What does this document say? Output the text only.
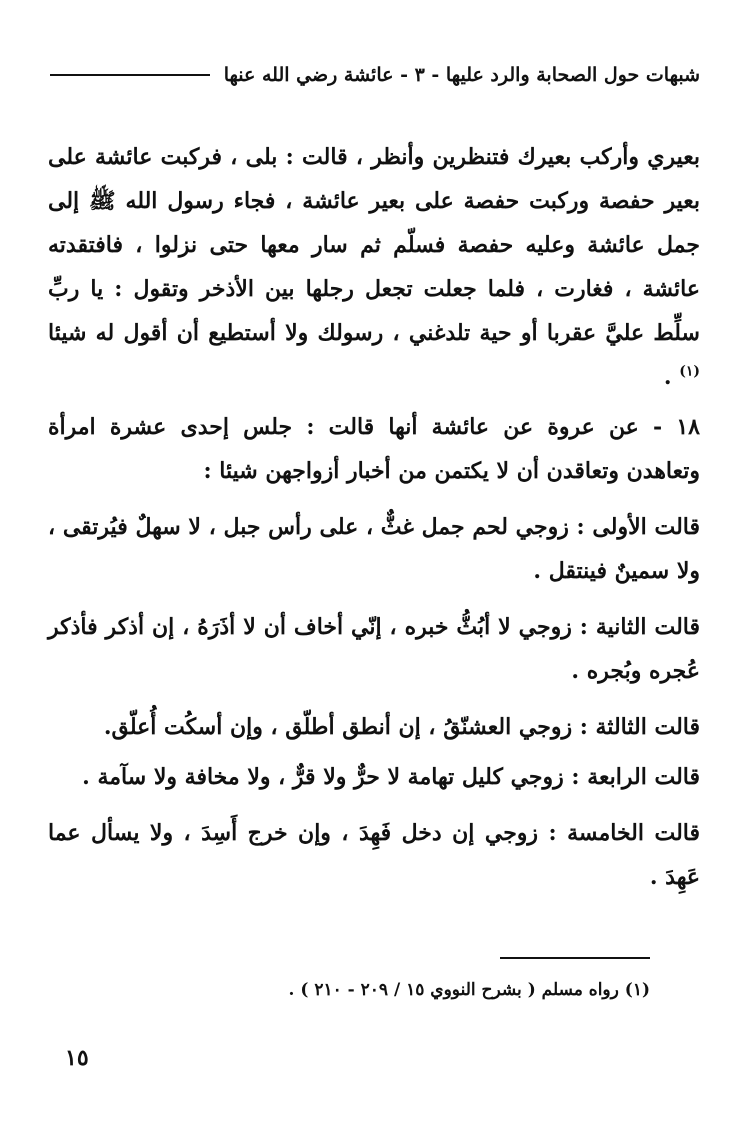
شبهات حول الصحابة والرد عليها - ٣ - عائشة رضي الله عنها

بعيري وأركب بعيرك فتنظرين وأنظر ، قالت : بلى ، فركبت عائشة على بعير حفصة وركبت حفصة على بعير عائشة ، فجاء رسول الله ﷺ إلى جمل عائشة وعليه حفصة فسلّم ثم سار معها حتى نزلوا ، فافتقدته عائشة ، فغارت ، فلما جعلت تجعل رجلها بين الأذخر وتقول : يا ربِّ سلِّط عليَّ عقربا أو حية تلدغني ، رسولك ولا أستطيع أن أقول له شيئا $^{(١)}$ .

١٨ - عن عروة عن عائشة أنها قالت : جلس إحدى عشرة امرأة وتعاهدن وتعاقدن أن لا يكتمن من أخبار أزواجهن شيئا :

قالت الأولى : زوجي لحم جمل غثٌّ ، على رأس جبل ، لا سهلٌ فيُرتقى ، ولا سمينٌ فينتقل .

قالت الثانية : زوجي لا أبُثُّ خبره ، إنّي أخاف أن لا أذَرَهُ ، إن أذكر فأذكر عُجره وبُجره .

قالت الثالثة : زوجي العشنّقُ ، إن أنطق أطلّق ، وإن أسكُت أُعلّق.

قالت الرابعة : زوجي كليل تهامة لا حرٌّ ولا قرٌّ ، ولا مخافة ولا سآمة .

قالت الخامسة : زوجي إن دخل فَهِدَ ، وإن خرج أَسِدَ ، ولا يسأل عما عَهِدَ .

(١) رواه مسلم ( بشرح النووي ١٥ / ٢٠٩ - ٢١٠ ) .
١٥
